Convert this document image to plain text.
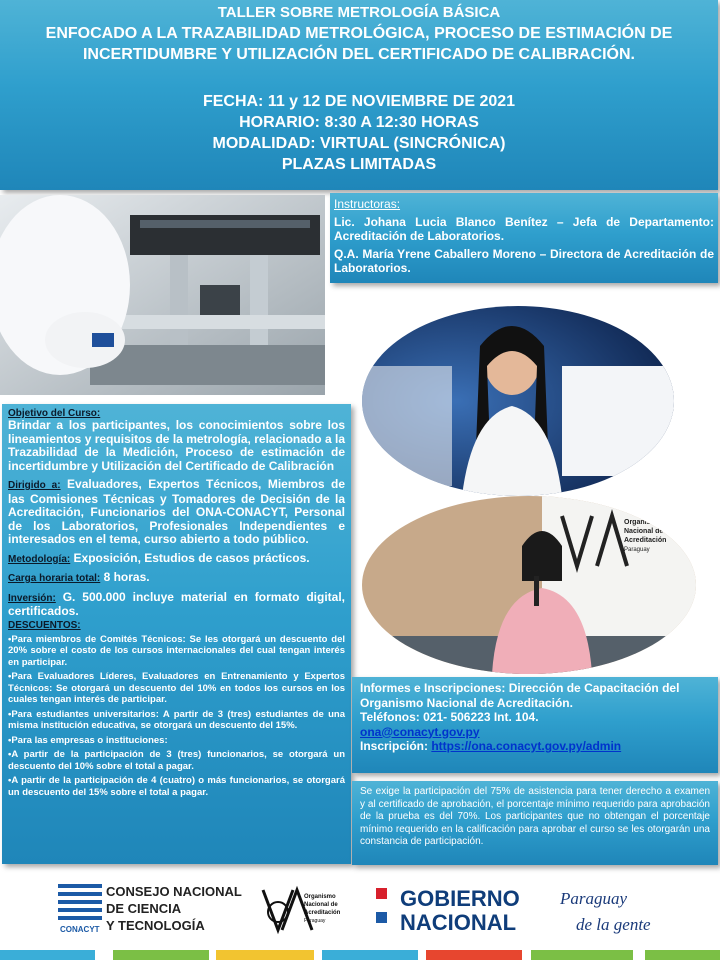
TALLER SOBRE METROLOGÍA BÁSICA
ENFOCADO A LA TRAZABILIDAD METROLÓGICA, PROCESO DE ESTIMACIÓN DE
INCERTIDUMBRE Y UTILIZACIÓN DEL CERTIFICADO DE CALIBRACIÓN.
FECHA: 11 y 12 DE NOVIEMBRE DE 2021
HORARIO: 8:30 A 12:30 HORAS
MODALIDAD: VIRTUAL (SINCRÓNICA)
PLAZAS LIMITADAS
Instructoras:

Lic. Johana Lucia Blanco Benítez – Jefa de Departamento: Acreditación de Laboratorios.

Q.A. María Yrene Caballero Moreno – Directora de Acreditación de Laboratorios.

Organismo
Nacional de
Acreditación
Paraguay

Objetivo del Curso:

Brindar a los participantes, los conocimientos sobre los lineamientos y requisitos de la metrología, relacionado a la Trazabilidad de la Medición, Proceso de estimación de incertidumbre y Utilización del Certificado de Calibración

Dirigido a: Evaluadores, Expertos Técnicos, Miembros de las Comisiones Técnicas y Tomadores de Decisión de la Acreditación, Funcionarios del ONA-CONACYT, Personal de los Laboratorios, Profesionales Independientes e interesados en el tema, curso abierto a todo público.

Metodología: Exposición, Estudios de casos prácticos.

Carga horaria total: 8 horas.

Inversión: G. 500.000 incluye material en formato digital, certificados.

DESCUENTOS:

•Para miembros de Comités Técnicos: Se les otorgará un descuento del 20% sobre el costo de los cursos internacionales del cual tengan interés en participar.

•Para Evaluadores Líderes, Evaluadores en Entrenamiento y Expertos Técnicos: Se otorgará un descuento del 10% en todos los cursos en los cuales tengan interés de participar.

•Para estudiantes universitarios: A partir de 3 (tres) estudiantes de una misma institución educativa, se otorgará un descuento del 15%.

•Para las empresas o instituciones:

•A partir de la participación de 3 (tres) funcionarios, se otorgará un descuento del 10% sobre el total a pagar.

•A partir de la participación de 4 (cuatro) o más funcionarios, se otorgará un descuento del 15% sobre el total a pagar.

Informes e Inscripciones: Dirección de Capacitación del Organismo Nacional de Acreditación.
Teléfonos: 021- 506223 Int. 104.
ona@conacyt.gov.py
Inscripción: https://ona.conacyt.gov.py/admin
Se exige la participación del 75% de asistencia para tener derecho a examen y al certificado de aprobación, el porcentaje mínimo requerido para aprobación de la prueba es del 70%. Los participantes que no obtengan el porcentaje mínimo requerido en la calificación para aprobar el curso se les otorgarán una constancia de participación.
CONACYT
CONSEJO NACIONAL
DE CIENCIA
Y TECNOLOGÍA
Organismo
Nacional de
Acreditación
Paraguay
GOBIERNO
NACIONAL
Paraguay
de la gente
